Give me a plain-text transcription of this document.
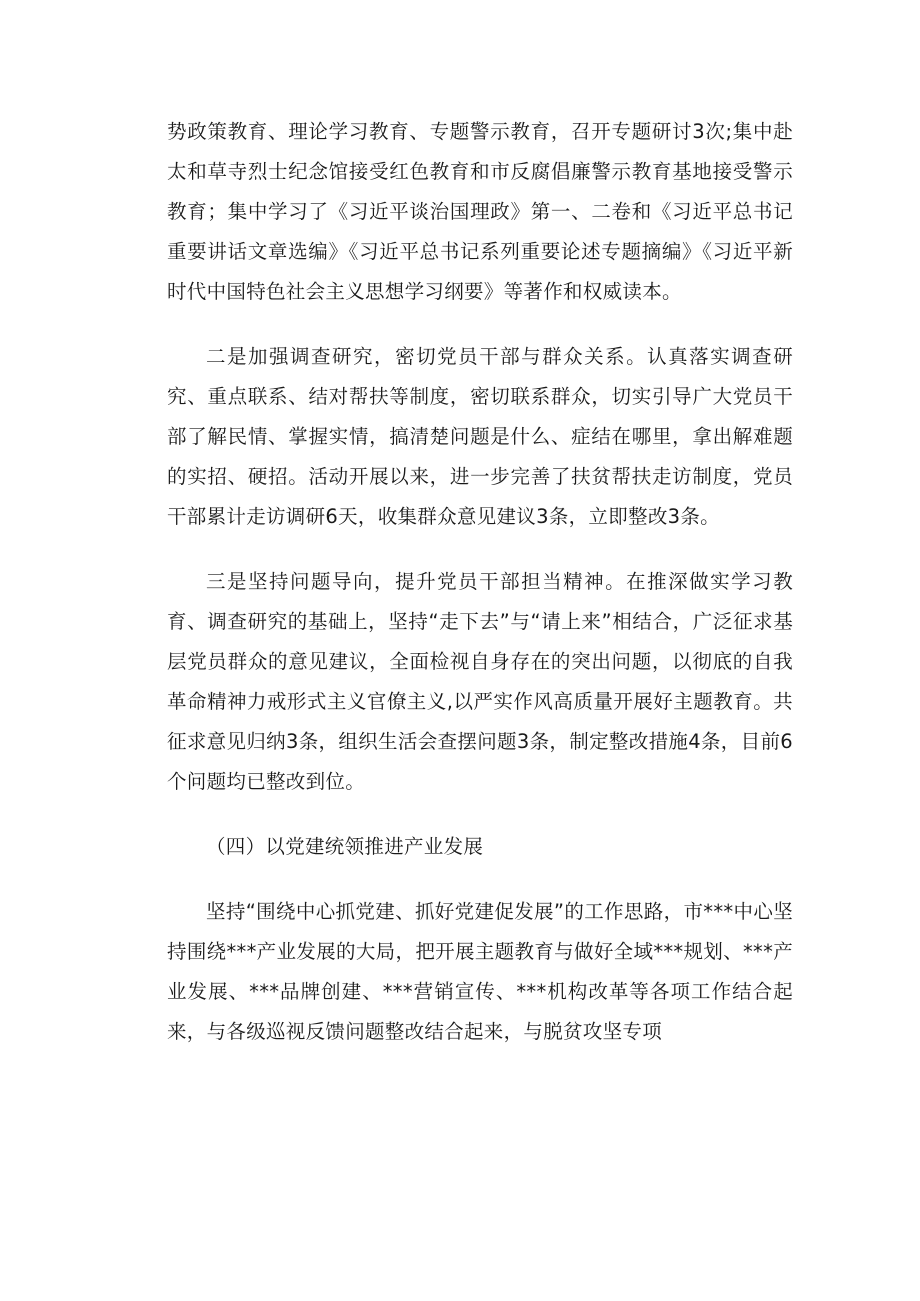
势政策教育、理论学习教育、专题警示教育，召开专题研讨3次;集中赴太和草寺烈士纪念馆接受红色教育和市反腐倡廉警示教育基地接受警示教育；集中学习了《习近平谈治国理政》第一、二卷和《习近平总书记重要讲话文章选编》《习近平总书记系列重要论述专题摘编》《习近平新时代中国特色社会主义思想学习纲要》等著作和权威读本。

二是加强调查研究，密切党员干部与群众关系。认真落实调查研究、重点联系、结对帮扶等制度，密切联系群众，切实引导广大党员干部了解民情、掌握实情，搞清楚问题是什么、症结在哪里，拿出解难题的实招、硬招。活动开展以来，进一步完善了扶贫帮扶走访制度，党员干部累计走访调研6天，收集群众意见建议3条，立即整改3条。

三是坚持问题导向，提升党员干部担当精神。在推深做实学习教育、调查研究的基础上，坚持“走下去”与“请上来”相结合，广泛征求基层党员群众的意见建议，全面检视自身存在的突出问题，以彻底的自我革命精神力戒形式主义官僚主义,以严实作风高质量开展好主题教育。共征求意见归纳3条，组织生活会查摆问题3条，制定整改措施4条，目前6个问题均已整改到位。

（四）以党建统领推进产业发展

坚持“围绕中心抓党建、抓好党建促发展”的工作思路，市***中心坚持围绕***产业发展的大局，把开展主题教育与做好全域***规划、***产业发展、***品牌创建、***营销宣传、***机构改革等各项工作结合起来，与各级巡视反馈问题整改结合起来，与脱贫攻坚专项
